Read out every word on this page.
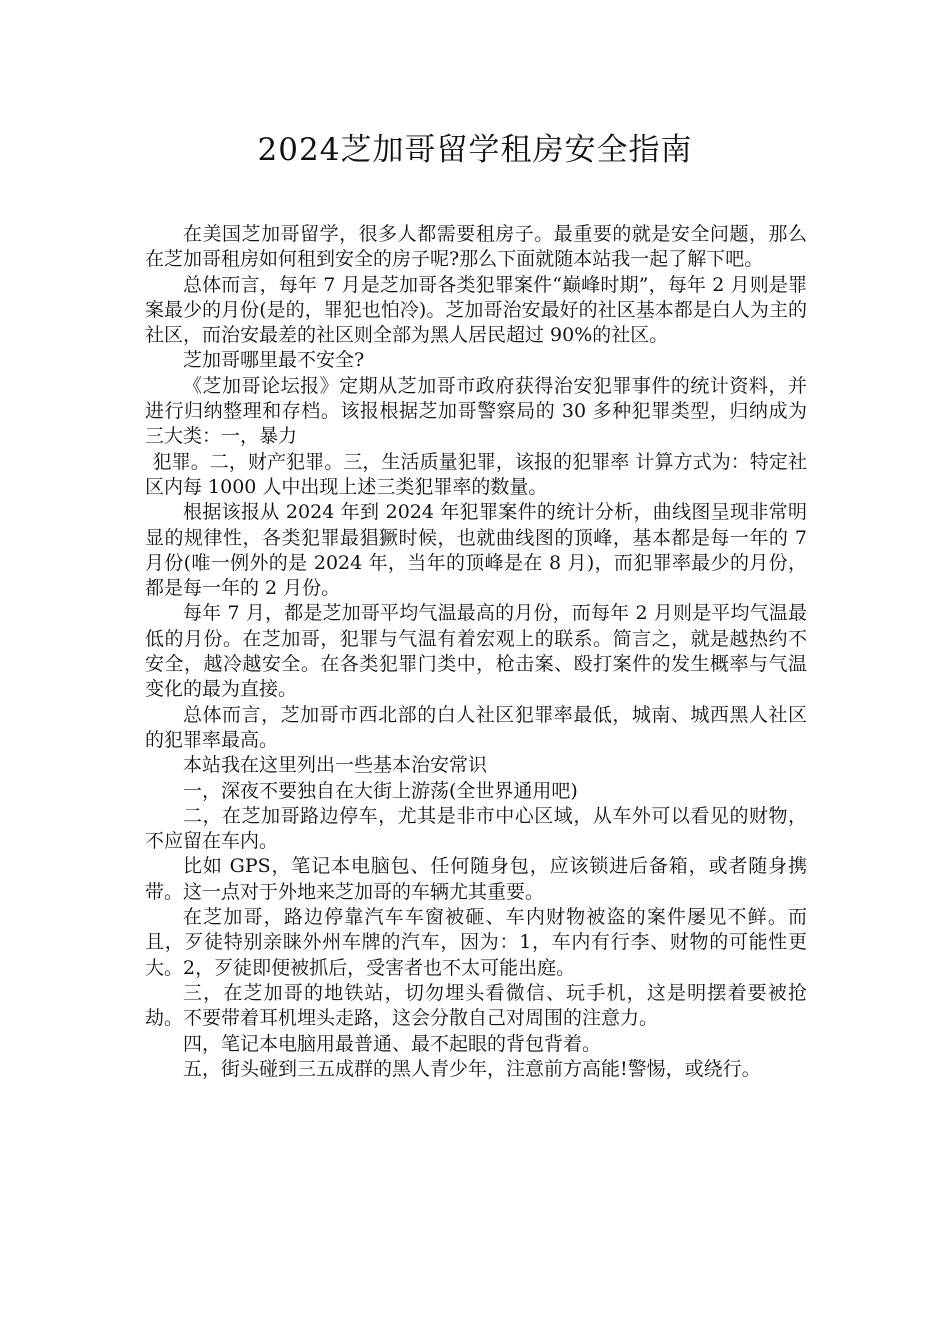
2024芝加哥留学租房安全指南

在美国芝加哥留学，很多人都需要租房子。最重要的就是安全问题，那么在芝加哥租房如何租到安全的房子呢?那么下面就随本站我一起了解下吧。

总体而言，每年 7 月是芝加哥各类犯罪案件“巅峰时期”，每年 2 月则是罪案最少的月份(是的，罪犯也怕冷)。芝加哥治安最好的社区基本都是白人为主的社区，而治安最差的社区则全部为黑人居民超过 90%的社区。

芝加哥哪里最不安全?

《芝加哥论坛报》定期从芝加哥市政府获得治安犯罪事件的统计资料，并进行归纳整理和存档。该报根据芝加哥警察局的 30 多种犯罪类型，归纳成为三大类：一，暴力

犯罪。二，财产犯罪。三，生活质量犯罪，该报的犯罪率 计算方式为：特定社区内每 1000 人中出现上述三类犯罪率的数量。

根据该报从 2024 年到 2024 年犯罪案件的统计分析，曲线图呈现非常明显的规律性，各类犯罪最猖獗时候，也就曲线图的顶峰，基本都是每一年的 7 月份(唯一例外的是 2024 年，当年的顶峰是在 8 月)，而犯罪率最少的月份，都是每一年的 2 月份。

每年 7 月，都是芝加哥平均气温最高的月份，而每年 2 月则是平均气温最低的月份。在芝加哥，犯罪与气温有着宏观上的联系。简言之，就是越热约不安全，越冷越安全。在各类犯罪门类中，枪击案、殴打案件的发生概率与气温变化的最为直接。

总体而言，芝加哥市西北部的白人社区犯罪率最低，城南、城西黑人社区的犯罪率最高。

本站我在这里列出一些基本治安常识

一，深夜不要独自在大街上游荡(全世界通用吧)

二，在芝加哥路边停车，尤其是非市中心区域，从车外可以看见的财物，不应留在车内。

比如 GPS，笔记本电脑包、任何随身包，应该锁进后备箱，或者随身携带。这一点对于外地来芝加哥的车辆尤其重要。

在芝加哥，路边停靠汽车车窗被砸、车内财物被盗的案件屡见不鲜。而且，歹徒特别亲睐外州车牌的汽车，因为：1，车内有行李、财物的可能性更大。2，歹徒即便被抓后，受害者也不太可能出庭。

三，在芝加哥的地铁站，切勿埋头看微信、玩手机，这是明摆着要被抢劫。不要带着耳机埋头走路，这会分散自己对周围的注意力。

四，笔记本电脑用最普通、最不起眼的背包背着。

五，街头碰到三五成群的黑人青少年，注意前方高能!警惕，或绕行。
